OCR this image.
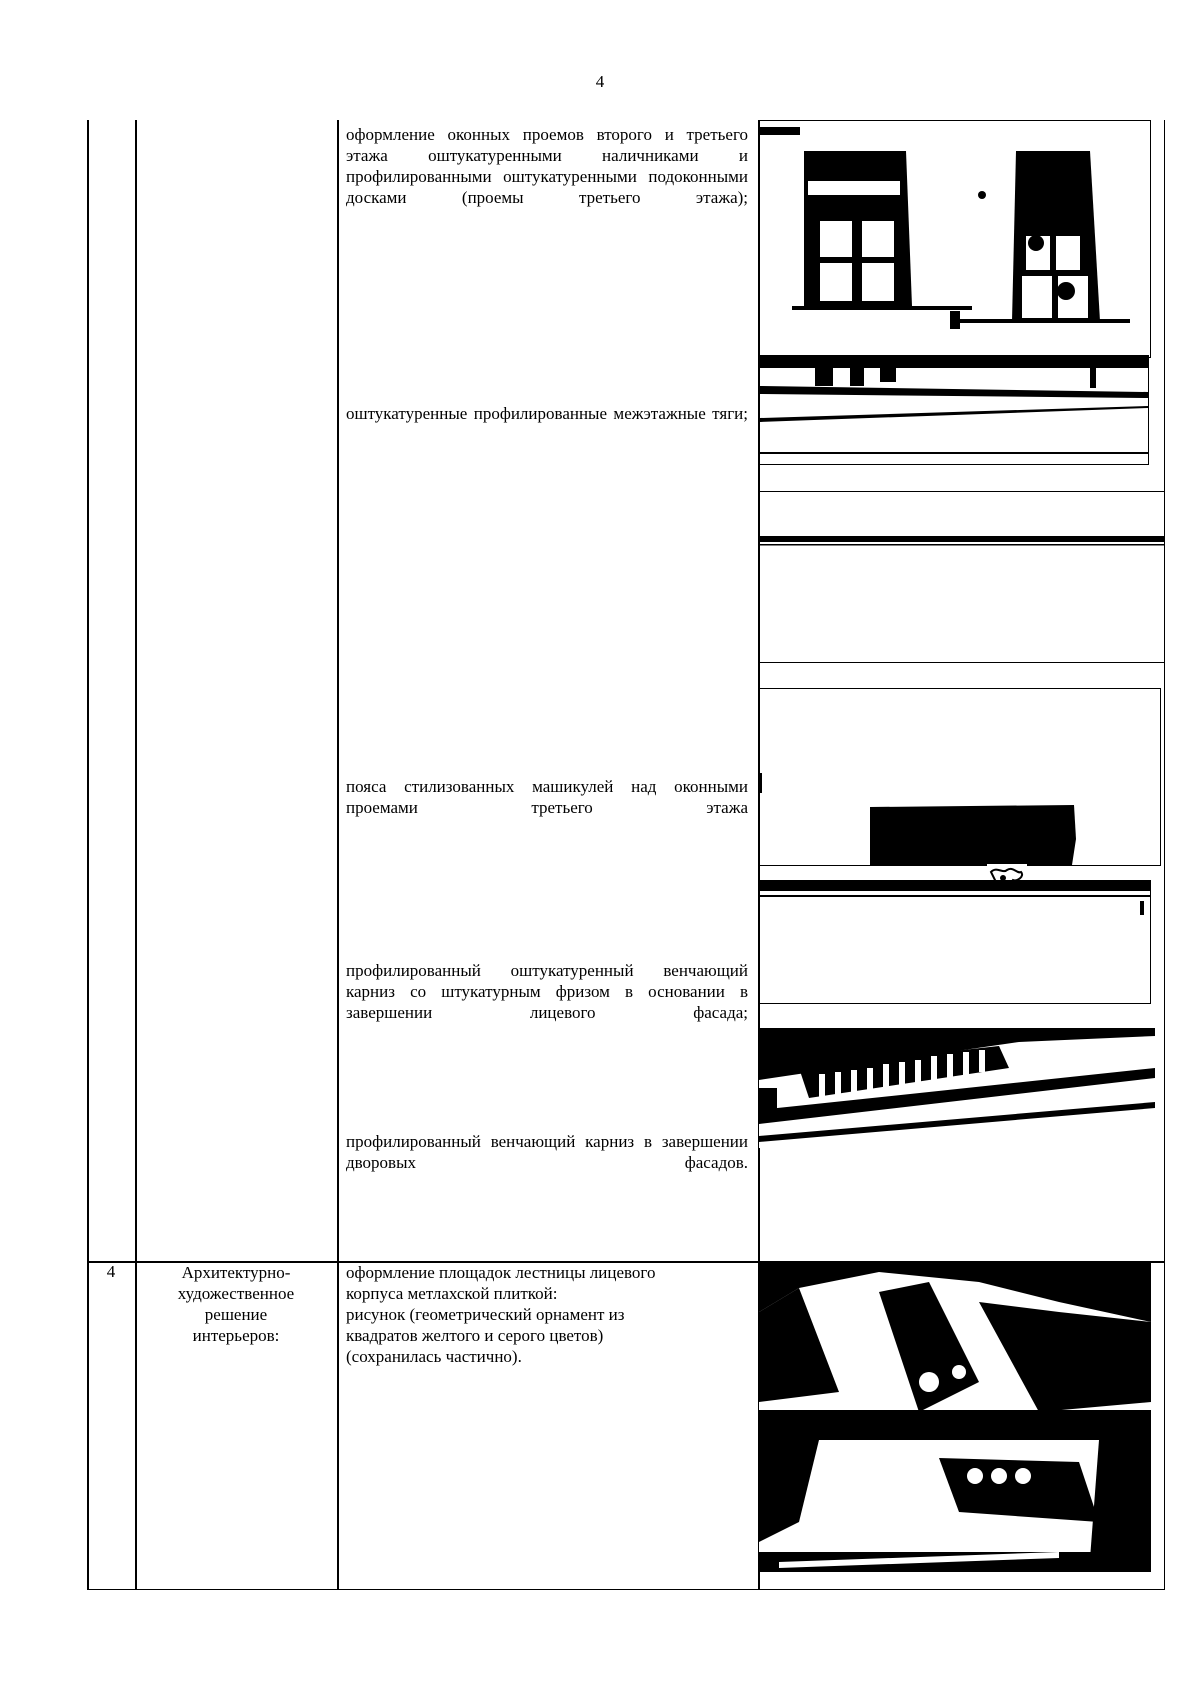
4
оформление оконных проемов второго и третьего этажа оштукатуренными наличниками и профилированными оштукатуренными подоконными досками (проемы третьего этажа);
оштукатуренные профилированные межэтажные тяги;
пояса стилизованных машикулей над оконными проемами третьего этажа
профилированный оштукатуренный венчающий карниз со штукатурным фризом в основании в завершении лицевого фасада;
профилированный венчающий карниз в завершении дворовых фасадов.
4	Архитектурно-
художественное
решение
интерьеров:
оформление площадок лестницы лицевого
корпуса метлахской плиткой:
рисунок (геометрический орнамент из
квадратов желтого и серого цветов)
(сохранилась частично).
